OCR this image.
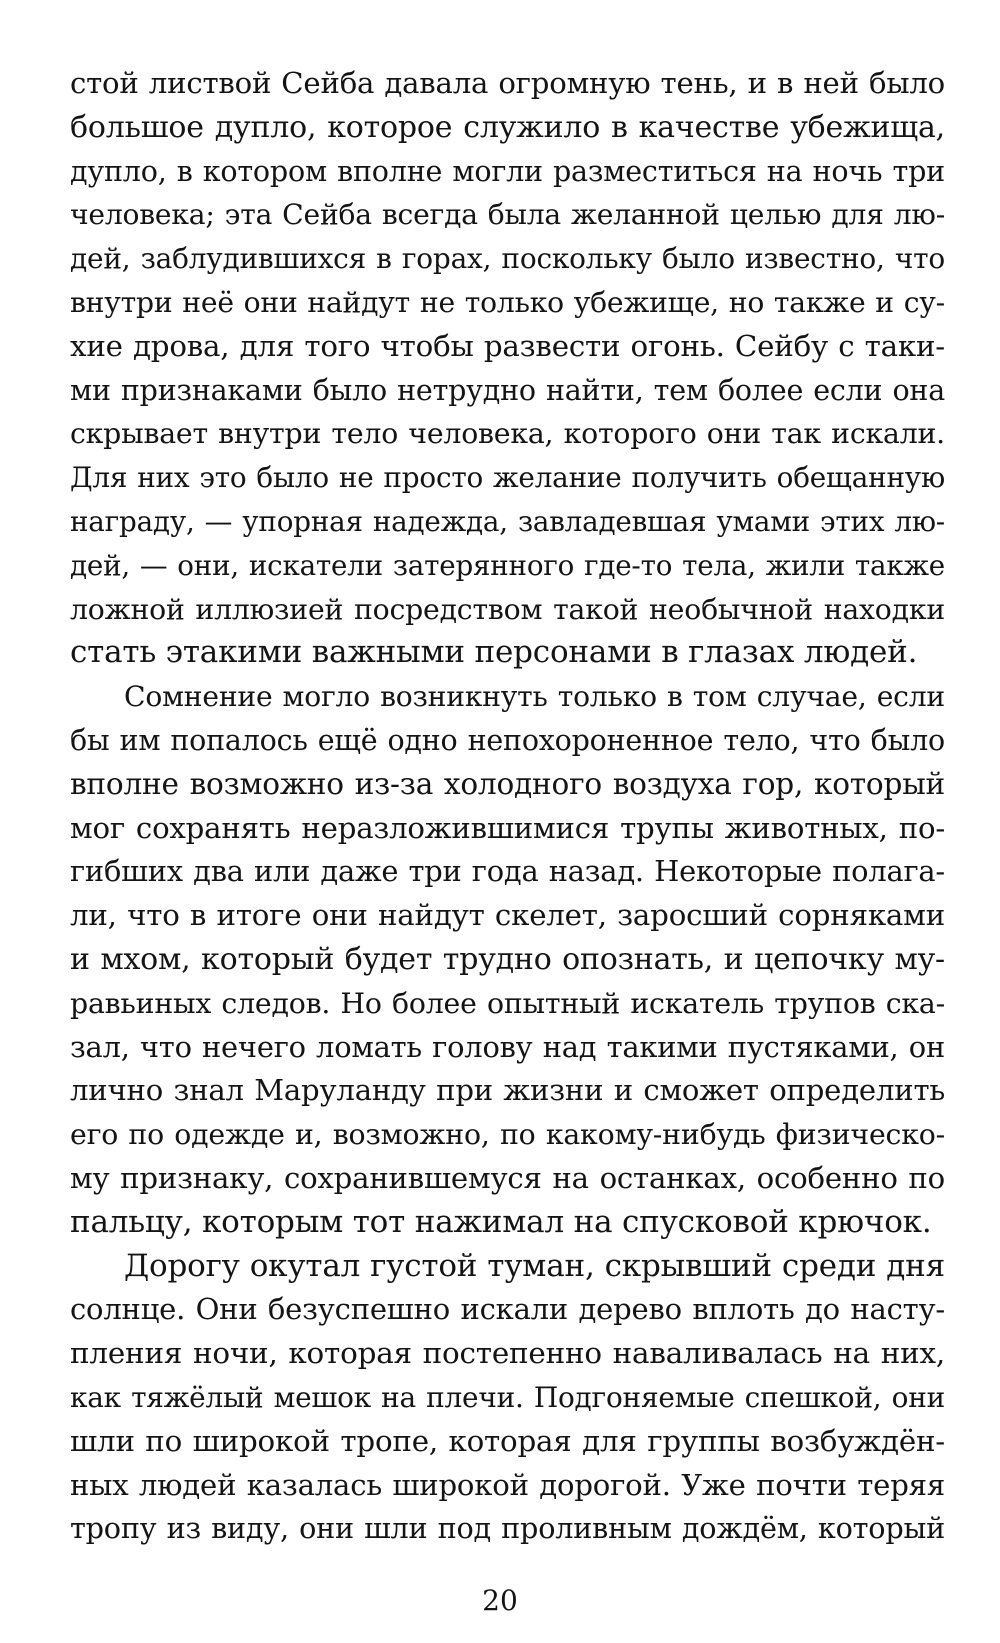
стой листвой Сейба давала огромную тень, и в ней было
большое дупло, которое служило в качестве убежища,
дупло, в котором вполне могли разместиться на ночь три
человека; эта Сейба всегда была желанной целью для лю-
дей, заблудившихся в горах, поскольку было известно, что
внутри неё они найдут не только убежище, но также и су-
хие дрова, для того чтобы развести огонь. Сейбу с таки-
ми признаками было нетрудно найти, тем более если она
скрывает внутри тело человека, которого они так искали.
Для них это было не просто желание получить обещанную
награду, — упорная надежда, завладевшая умами этих лю-
дей, — они, искатели затерянного где-то тела, жили также
ложной иллюзией посредством такой необычной находки
стать этакими важными персонами в глазах людей.
Сомнение могло возникнуть только в том случае, если
бы им попалось ещё одно непохороненное тело, что было
вполне возможно из-за холодного воздуха гор, который
мог сохранять неразложившимися трупы животных, по-
гибших два или даже три года назад. Некоторые полага-
ли, что в итоге они найдут скелет, заросший сорняками
и мхом, который будет трудно опознать, и цепочку му-
равьиных следов. Но более опытный искатель трупов ска-
зал, что нечего ломать голову над такими пустяками, он
лично знал Маруланду при жизни и сможет определить
его по одежде и, возможно, по какому-нибудь физическо-
му признаку, сохранившемуся на останках, особенно по
пальцу, которым тот нажимал на спусковой крючок.
Дорогу окутал густой туман, скрывший среди дня
солнце. Они безуспешно искали дерево вплоть до насту-
пления ночи, которая постепенно наваливалась на них,
как тяжёлый мешок на плечи. Подгоняемые спешкой, они
шли по широкой тропе, которая для группы возбуждён-
ных людей казалась широкой дорогой. Уже почти теряя
тропу из виду, они шли под проливным дождём, который
20
